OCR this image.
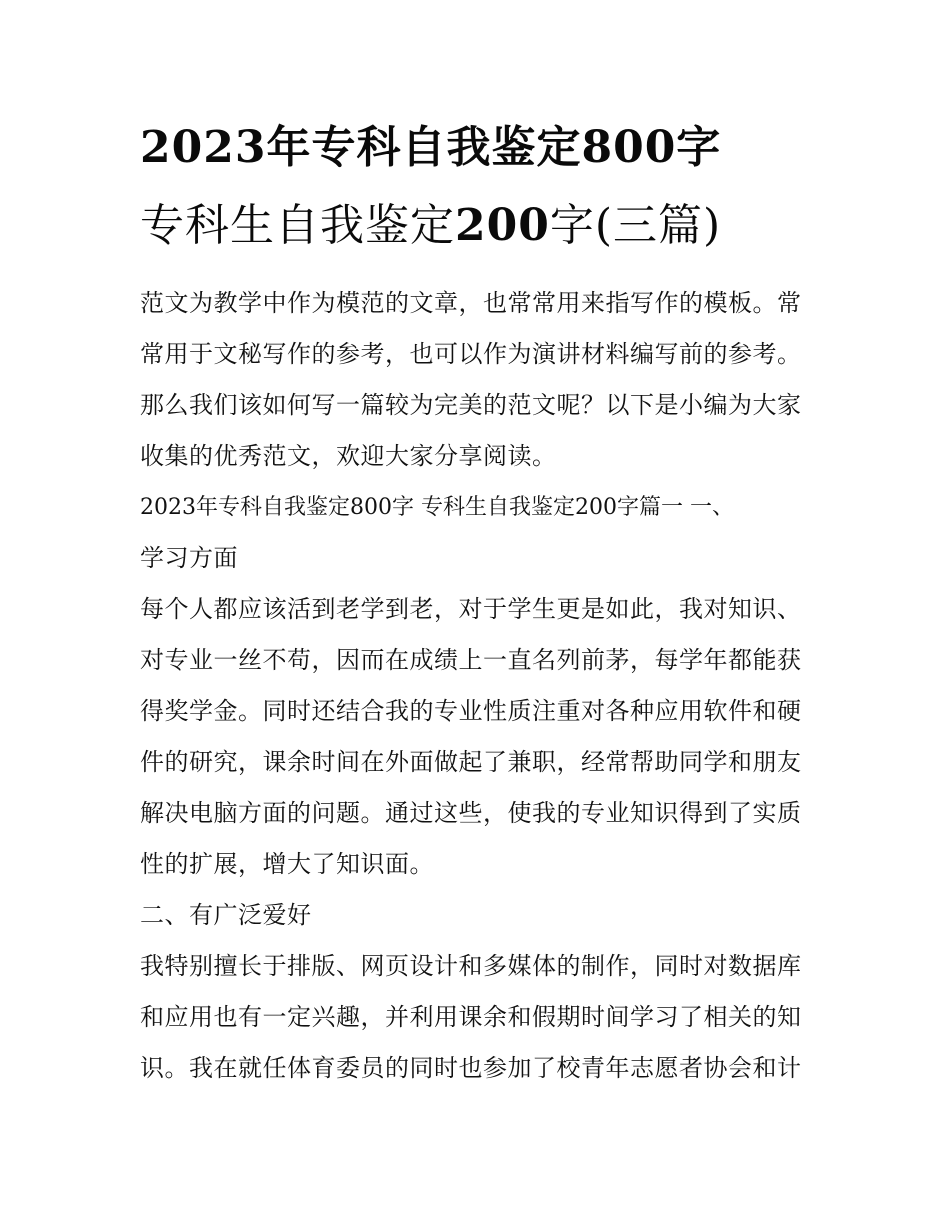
2023年专科自我鉴定800字
专科生自我鉴定200字(三篇)
范文为教学中作为模范的文章，也常常用来指写作的模板。常
常用于文秘写作的参考，也可以作为演讲材料编写前的参考。
那么我们该如何写一篇较为完美的范文呢？以下是小编为大家
收集的优秀范文，欢迎大家分享阅读。
2023年专科自我鉴定800字 专科生自我鉴定200字篇一 一、
学习方面
每个人都应该活到老学到老，对于学生更是如此，我对知识、
对专业一丝不苟，因而在成绩上一直名列前茅，每学年都能获
得奖学金。同时还结合我的专业性质注重对各种应用软件和硬
件的研究，课余时间在外面做起了兼职，经常帮助同学和朋友
解决电脑方面的问题。通过这些，使我的专业知识得到了实质
性的扩展，增大了知识面。
二、有广泛爱好
我特别擅长于排版、网页设计和多媒体的制作，同时对数据库
和应用也有一定兴趣，并利用课余和假期时间学习了相关的知
识。我在就任体育委员的同时也参加了校青年志愿者协会和计
